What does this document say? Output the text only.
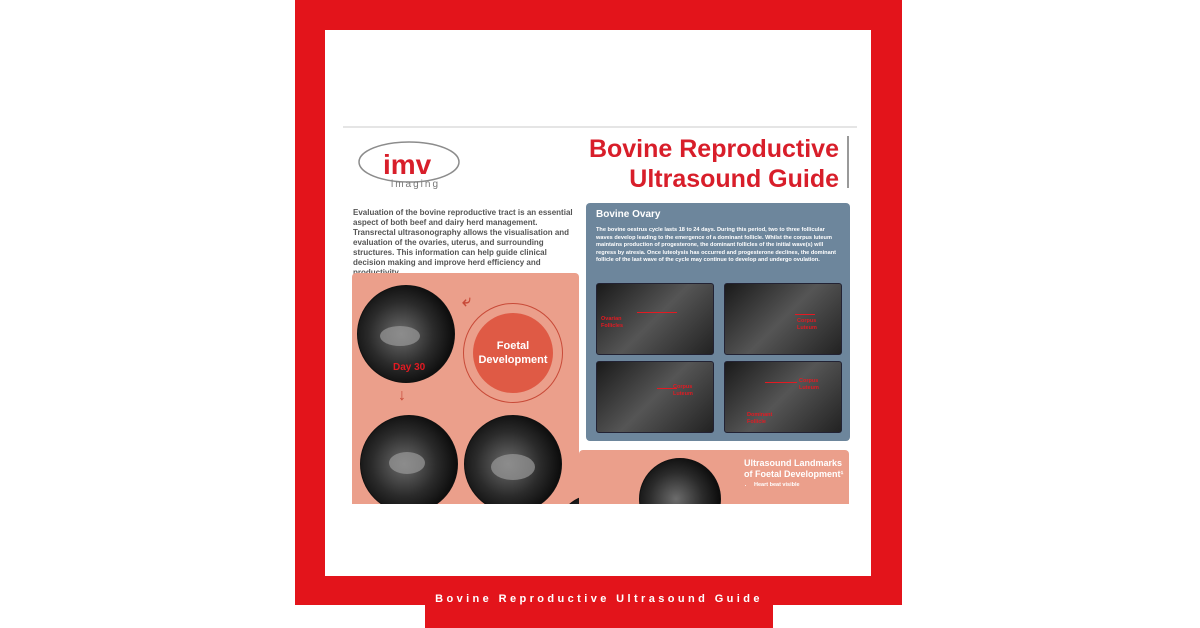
imv
imaging
Bovine Reproductive
Ultrasound Guide
Evaluation of the bovine reproductive tract is an essential aspect of both beef and dairy herd management. Transrectal ultrasonography allows the visualisation and evaluation of the ovaries, uterus, and surrounding structures. This information can help guide clinical decision making and improve herd efficiency and
⤶
↓
Foetal Development
Day 30
Ultrasound Landmarks of Foetal Development¹
• Heart beat visible
Bovine Ovary

The bovine oestrus cycle lasts 18 to 24 days. During this period, two to three follicular waves develop leading to the emergence of a dominant follicle. Whilst the corpus luteum maintains production of progesterone, the dominant follicles of the initial wave(s) will regress by atresia. Once luteolysis has occurred and progesterone declines, the dominant follicle of the last wave of the cycle may continue to develop and undergo ovulation.

Ovarian Follicles
Corpus Luteum
Corpus Luteum
Corpus Luteum
Dominant Follicle
Bovine Reproductive Ultrasound Guide
